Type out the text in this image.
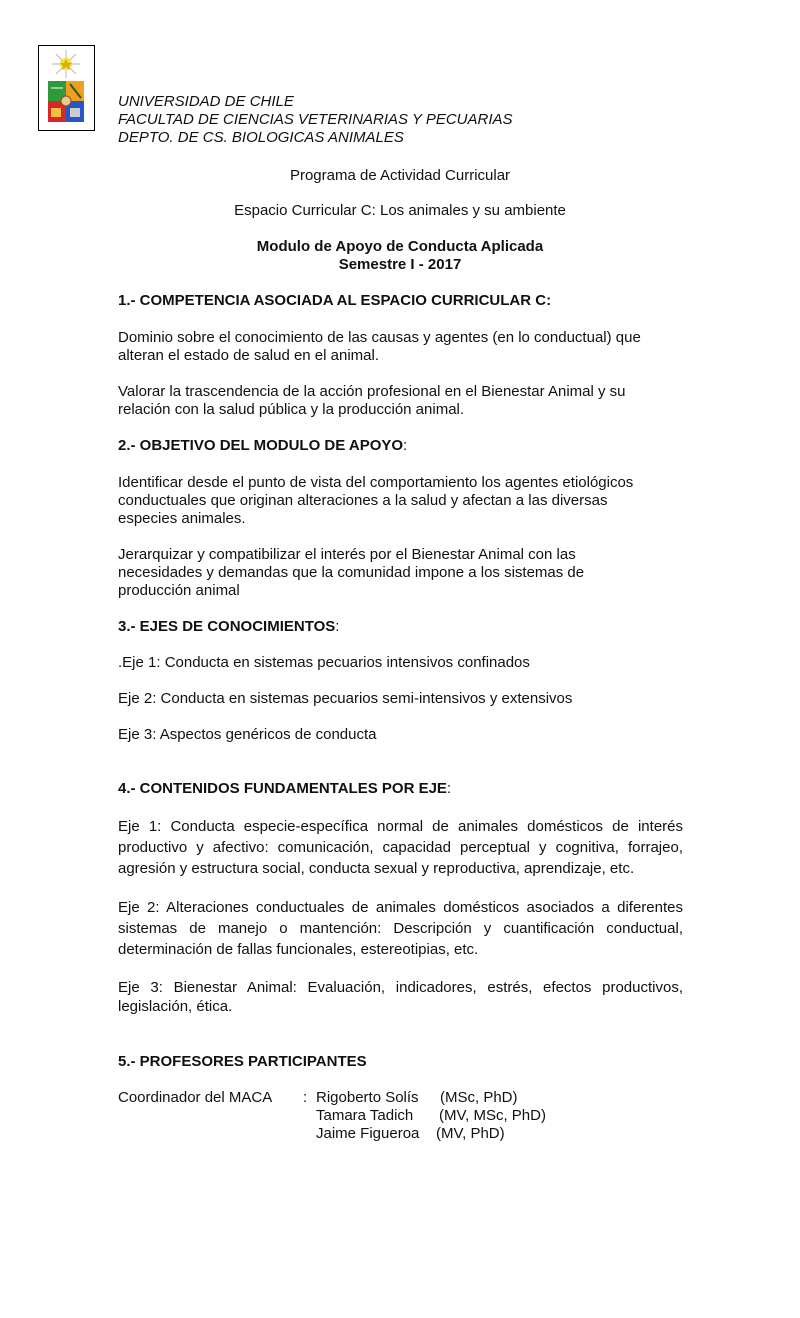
UNIVERSIDAD DE CHILE
FACULTAD DE CIENCIAS VETERINARIAS Y PECUARIAS
DEPTO. DE CS. BIOLOGICAS ANIMALES
Programa de Actividad Curricular
Espacio Curricular C: Los animales y su ambiente
Modulo de Apoyo de Conducta Aplicada
Semestre I - 2017
1.- COMPETENCIA ASOCIADA AL ESPACIO CURRICULAR C:
Dominio sobre el conocimiento de las causas y agentes (en lo conductual) que
alteran el estado de salud en el animal.
Valorar la trascendencia de la acción profesional en el Bienestar Animal y su
relación con la salud pública y la producción animal.
2.- OBJETIVO DEL MODULO DE APOYO:
Identificar desde el punto de vista del comportamiento los agentes etiológicos
conductuales que originan alteraciones a la salud y afectan a las diversas
especies animales.
Jerarquizar y compatibilizar el interés por el Bienestar Animal con las
necesidades y demandas que la comunidad impone a los sistemas de
producción animal
3.- EJES DE CONOCIMIENTOS:
.Eje 1: Conducta en sistemas pecuarios intensivos confinados
Eje 2: Conducta en sistemas pecuarios semi-intensivos y extensivos
Eje 3: Aspectos genéricos de conducta
4.- CONTENIDOS FUNDAMENTALES POR EJE:
Eje 1: Conducta especie-específica normal de animales domésticos de interés productivo y afectivo: comunicación, capacidad perceptual y cognitiva, forrajeo, agresión y estructura social, conducta sexual y reproductiva, aprendizaje, etc.
Eje 2: Alteraciones conductuales de animales domésticos asociados a diferentes sistemas de manejo o mantención: Descripción y cuantificación conductual, determinación de fallas funcionales, estereotipias, etc.
Eje 3: Bienestar Animal: Evaluación, indicadores, estrés, efectos productivos, legislación, ética.
5.- PROFESORES PARTICIPANTES
Coordinador del MACA : Rigoberto Solís (MSc, PhD)
Tamara Tadich (MV, MSc, PhD)
Jaime Figueroa (MV, PhD)
